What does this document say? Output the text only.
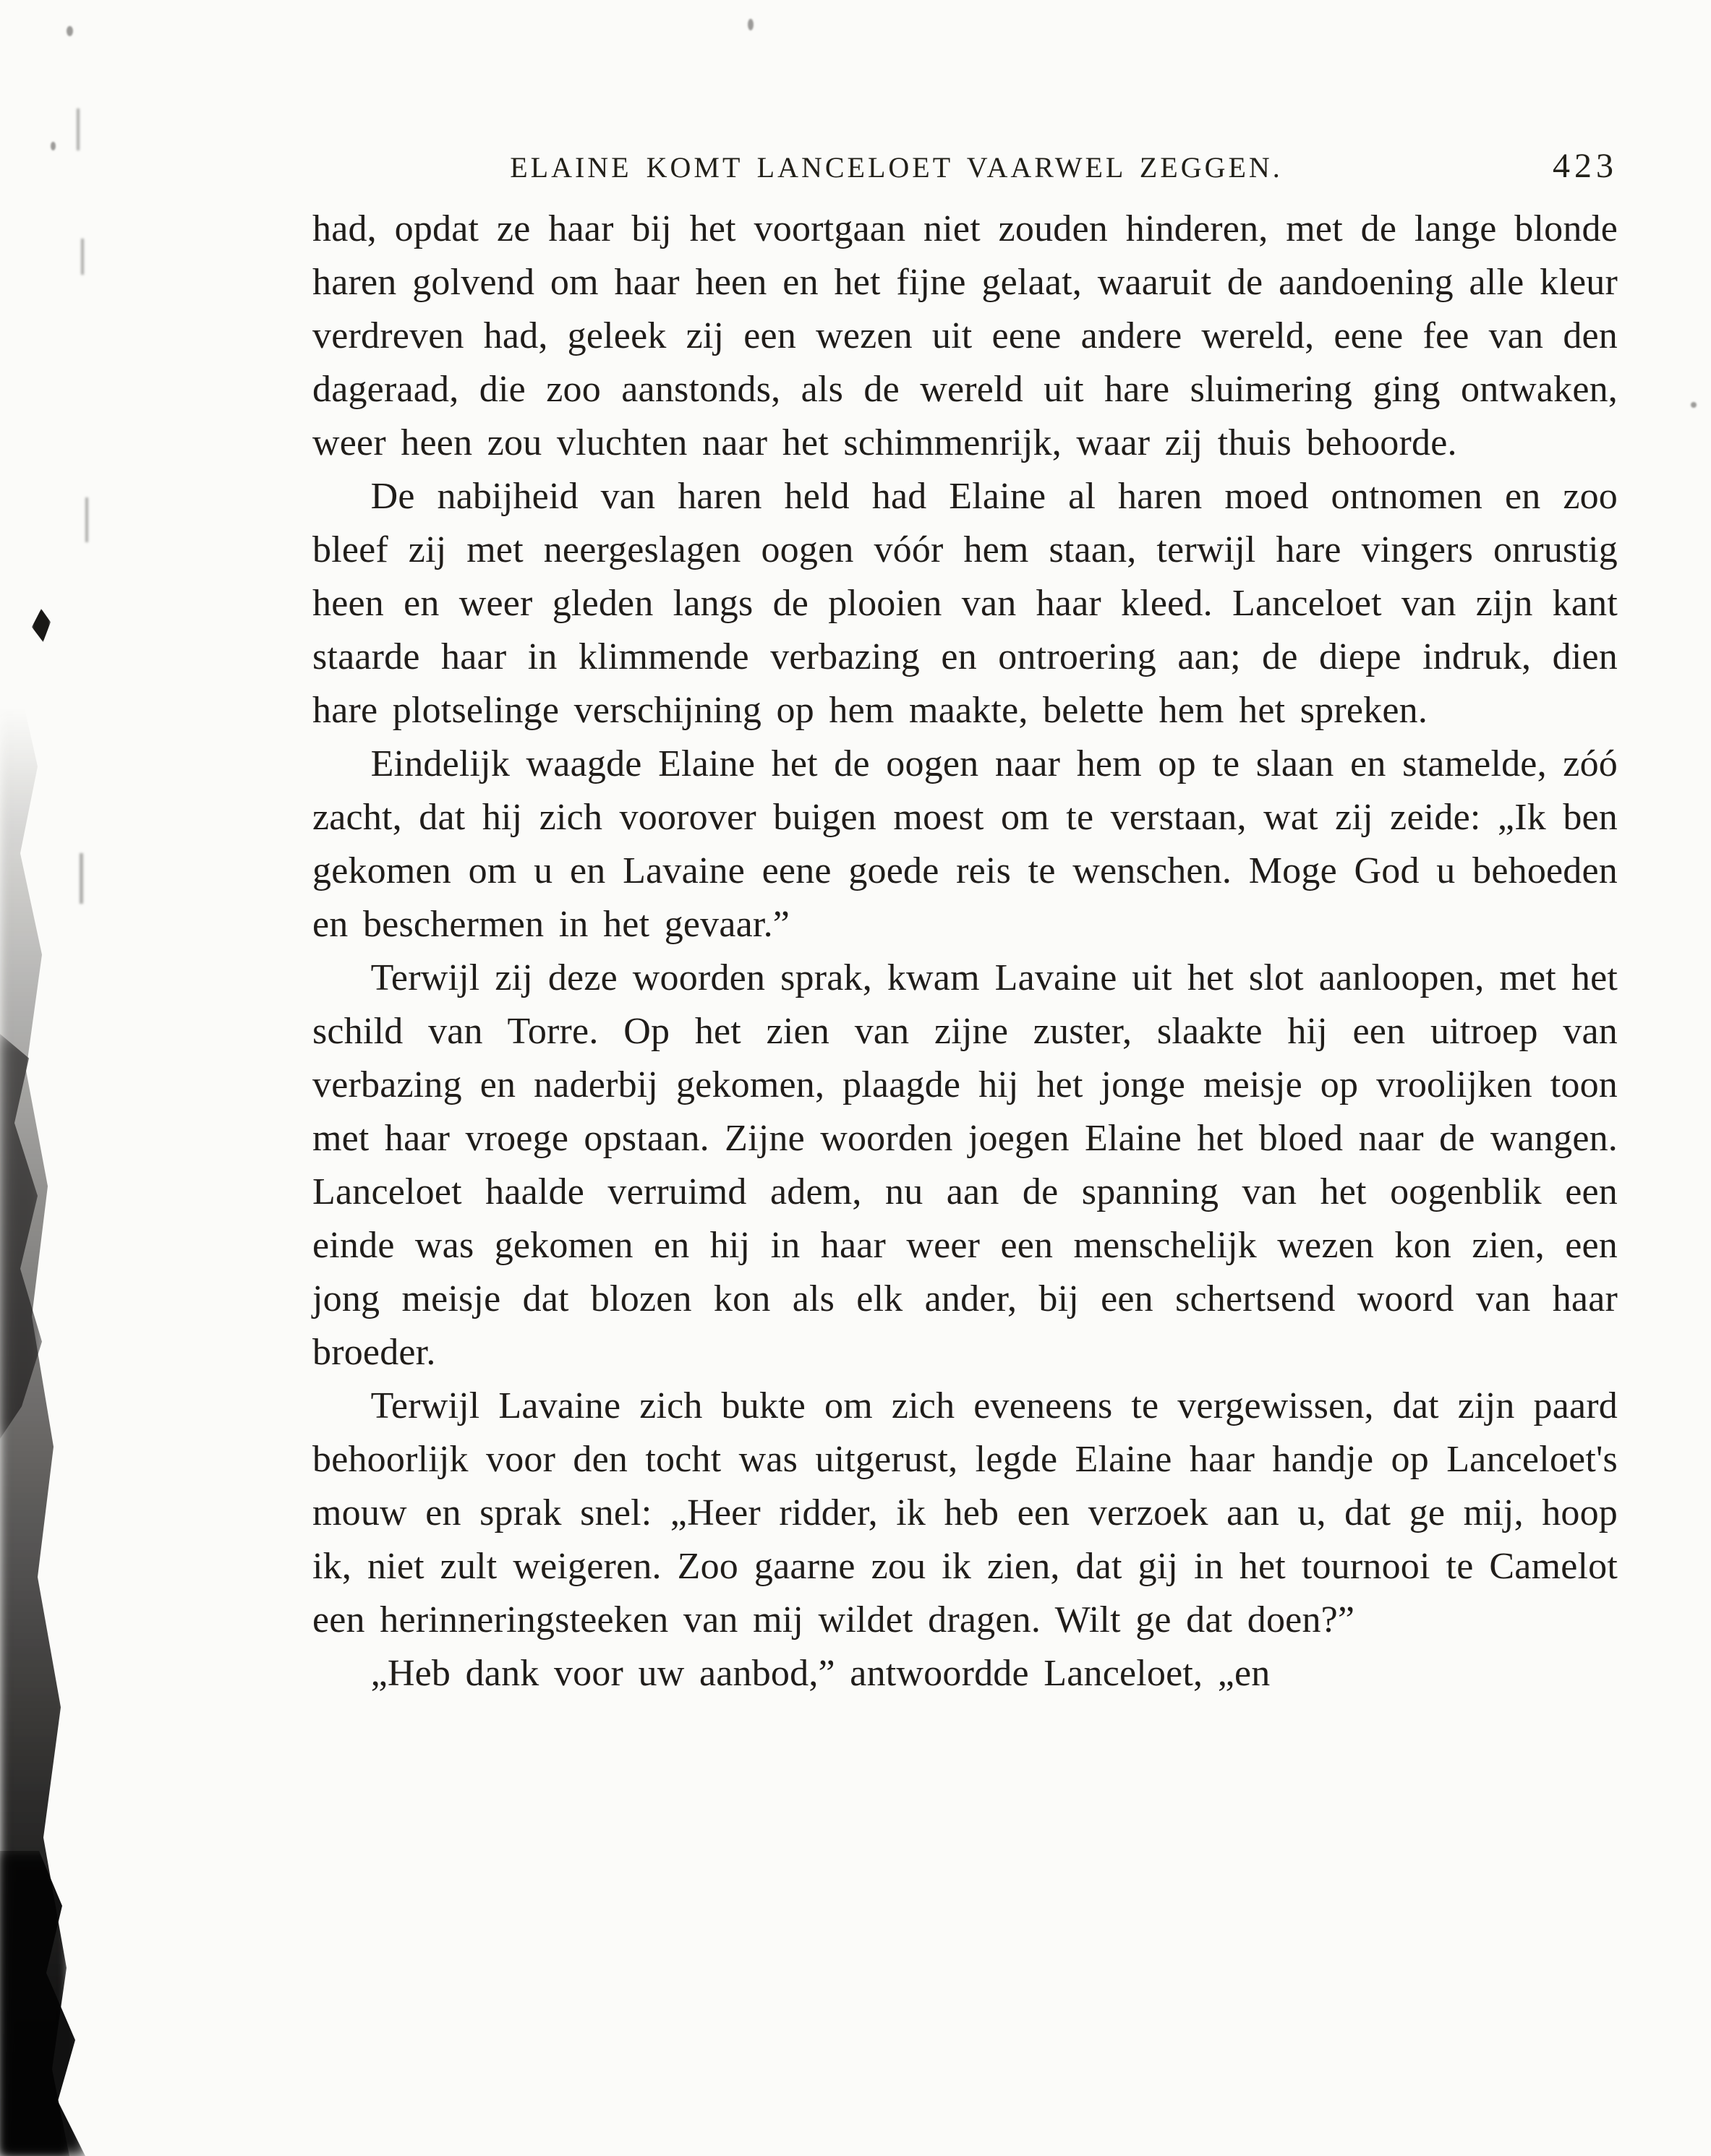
ELAINE KOMT LANCELOET VAARWEL ZEGGEN.	423

had, opdat ze haar bij het voortgaan niet zouden hinderen, met de lange blonde haren golvend om haar heen en het fijne gelaat, waaruit de aandoening alle kleur verdreven had, geleek zij een wezen uit eene andere wereld, eene fee van den dageraad, die zoo aanstonds, als de wereld uit hare sluimering ging ontwaken, weer heen zou vluchten naar het schimmenrijk, waar zij thuis behoorde.

De nabijheid van haren held had Elaine al haren moed ontnomen en zoo bleef zij met neergeslagen oogen vóór hem staan, terwijl hare vingers onrustig heen en weer gleden langs de plooien van haar kleed. Lanceloet van zijn kant staarde haar in klimmende verbazing en ontroering aan; de diepe indruk, dien hare plotselinge verschijning op hem maakte, belette hem het spreken.

Eindelijk waagde Elaine het de oogen naar hem op te slaan en stamelde, zóó zacht, dat hij zich voorover buigen moest om te verstaan, wat zij zeide: „Ik ben gekomen om u en Lavaine eene goede reis te wenschen. Moge God u behoeden en beschermen in het gevaar.”

Terwijl zij deze woorden sprak, kwam Lavaine uit het slot aanloopen, met het schild van Torre. Op het zien van zijne zuster, slaakte hij een uitroep van verbazing en naderbij gekomen, plaagde hij het jonge meisje op vroolijken toon met haar vroege opstaan. Zijne woorden joegen Elaine het bloed naar de wangen. Lanceloet haalde verruimd adem, nu aan de spanning van het oogenblik een einde was gekomen en hij in haar weer een menschelijk wezen kon zien, een jong meisje dat blozen kon als elk ander, bij een schertsend woord van haar broeder.

Terwijl Lavaine zich bukte om zich eveneens te vergewissen, dat zijn paard behoorlijk voor den tocht was uitgerust, legde Elaine haar handje op Lanceloet's mouw en sprak snel: „Heer ridder, ik heb een verzoek aan u, dat ge mij, hoop ik, niet zult weigeren. Zoo gaarne zou ik zien, dat gij in het tournooi te Camelot een herinneringsteeken van mij wildet dragen. Wilt ge dat doen?”

„Heb dank voor uw aanbod,” antwoordde Lanceloet, „en
